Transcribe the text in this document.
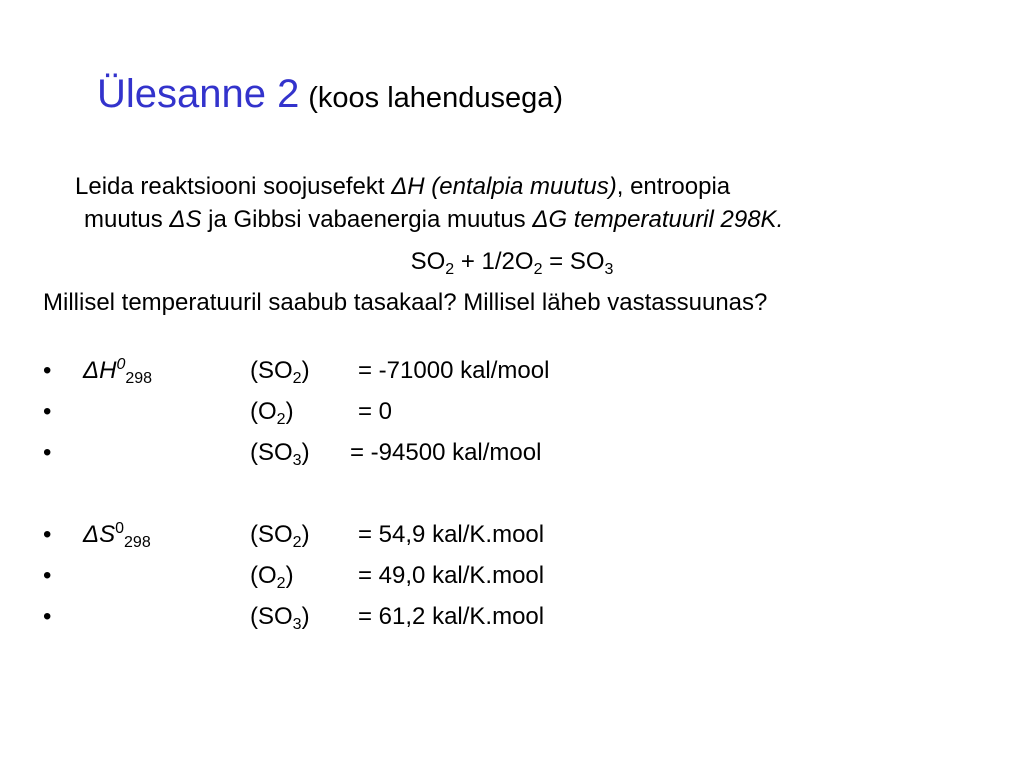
Ülesanne 2 (koos lahendusega)
Leida reaktsiooni soojusefekt ΔH (entalpia muutus), entroopia
muutus ΔS ja Gibbsi vabaenergia muutus ΔG temperatuuril 298K.
$SO_2 + 1/2O_2 = SO_3$
Millisel temperatuuril saabub tasakaal? Millisel läheb vastassuunas?
• $\Delta H^0_{298}$	$(SO_2) = -71000$ kal/mool
•	$(O_2)$	= 0
•	$(SO_3) = -94500$ kal/mool
• $\Delta S^0_{298}$	$(SO_2) = 54,9$ kal/K.mool
•	$(O_2)$	= 49,0 kal/K.mool
•	$(SO_3) = 61,2$ kal/K.mool
